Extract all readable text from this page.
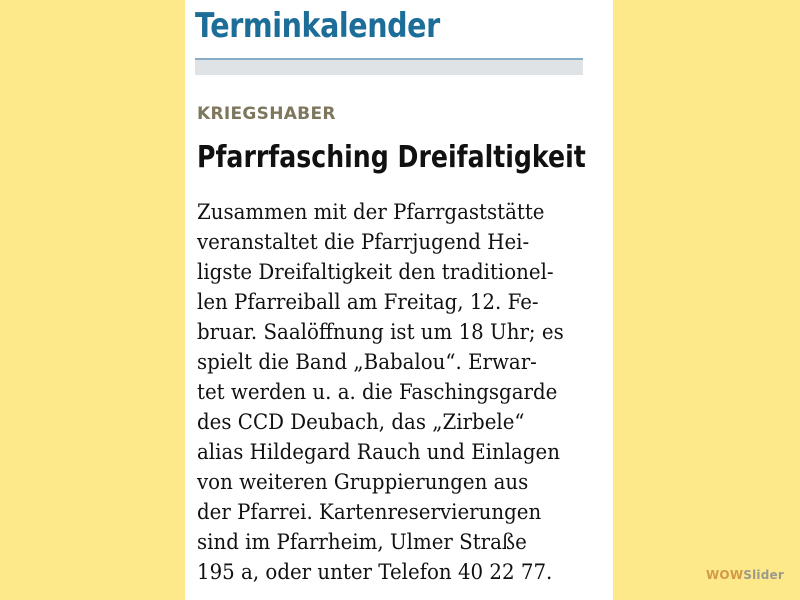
Terminkalender
KRIEGSHABER
Pfarrfasching Dreifaltigkeit
Zusammen mit der Pfarrgaststätte
veranstaltet die Pfarrjugend Hei-
ligste Dreifaltigkeit den traditionel-
len Pfarreiball am Freitag, 12. Fe-
bruar. Saalöffnung ist um 18 Uhr; es
spielt die Band „Babalou“. Erwar-
tet werden u. a. die Faschingsgarde
des CCD Deubach, das „Zirbele“
alias Hildegard Rauch und Einlagen
von weiteren Gruppierungen aus
der Pfarrei. Kartenreservierungen
sind im Pfarrheim, Ulmer Straße
195 a, oder unter Telefon 40 22 77.	WOWSlider
